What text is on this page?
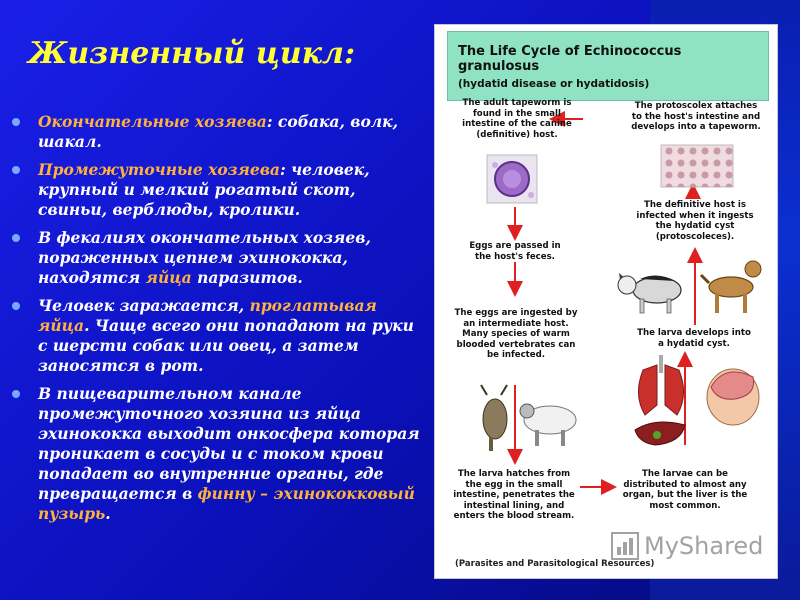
Жизненный цикл:
Окончательные хозяева: собака, волк, шакал.
Промежуточные хозяева: человек, крупный и мелкий рогатый скот, свиньи, верблюды, кролики.
В фекалиях окончательных хозяев, пораженных цепнем эхинококка, находятся яйца паразитов.
Человек заражается, проглатывая яйца. Чаще всего они попадают на руки с шерсти собак или овец, а затем заносятся в рот.
В пищеварительном канале промежуточного хозяина из яйца эхинококка выходит онкосфера которая проникает в сосуды и с током крови попадает во внутренние органы, где превращается в финну – эхинококковый пузырь.
The Life Cycle of Echinococcus granulosus
(hydatid disease or hydatidosis)
The adult tapeworm is found in the small intestine of the canine (definitive) host.
The protoscolex attaches to the host's intestine and develops into a tapeworm.
Eggs are passed in the host's feces.
The definitive host is infected when it ingests the hydatid cyst (protoscoleces).
The eggs are ingested by an intermediate host. Many species of warm blooded vertebrates can be infected.
The larva develops into a hydatid cyst.
The larva hatches from the egg in the small intestine, penetrates the intestinal lining, and enters the blood stream.
The larvae can be distributed to almost any organ, but the liver is the most common.
(Parasites and Parasitological Resources)
MyShared
